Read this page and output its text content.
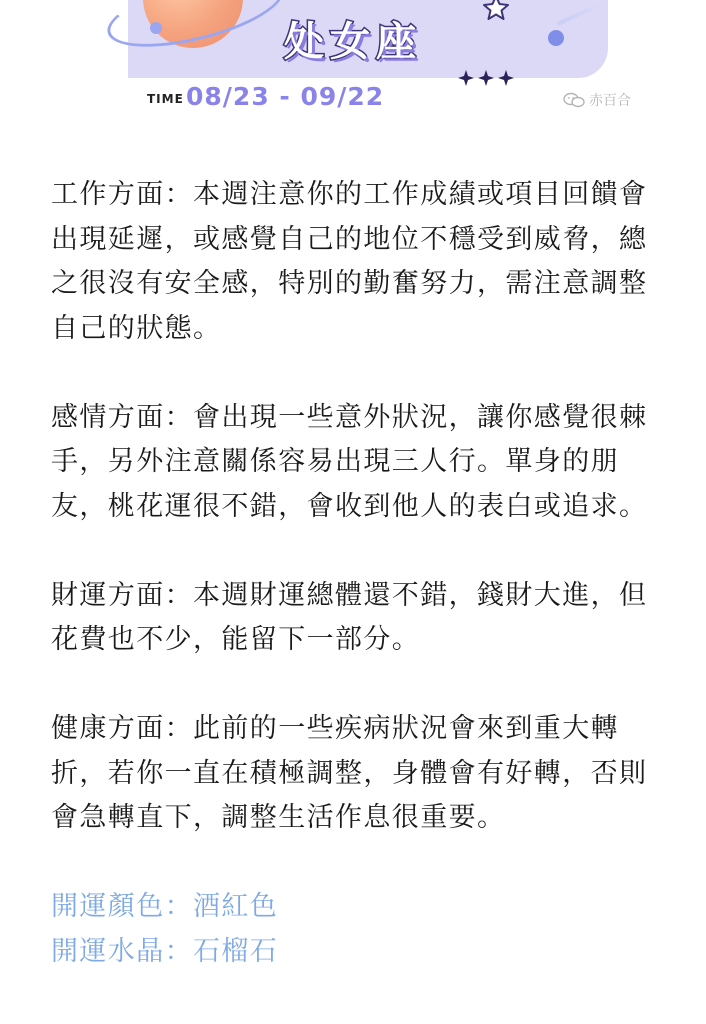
处女座
TIME 08/23 - 09/22	赤百合

工作方面：本週注意你的工作成績或項目回饋會出現延遲，或感覺自己的地位不穩受到威脅，總之很沒有安全感，特別的勤奮努力，需注意調整自己的狀態。

感情方面：會出現一些意外狀況，讓你感覺很棘手，另外注意關係容易出現三人行。單身的朋友，桃花運很不錯，會收到他人的表白或追求。

財運方面：本週財運總體還不錯，錢財大進，但花費也不少，能留下一部分。

健康方面：此前的一些疾病狀況會來到重大轉折，若你一直在積極調整，身體會有好轉，否則會急轉直下，調整生活作息很重要。

開運顏色：酒紅色

開運水晶：石榴石
